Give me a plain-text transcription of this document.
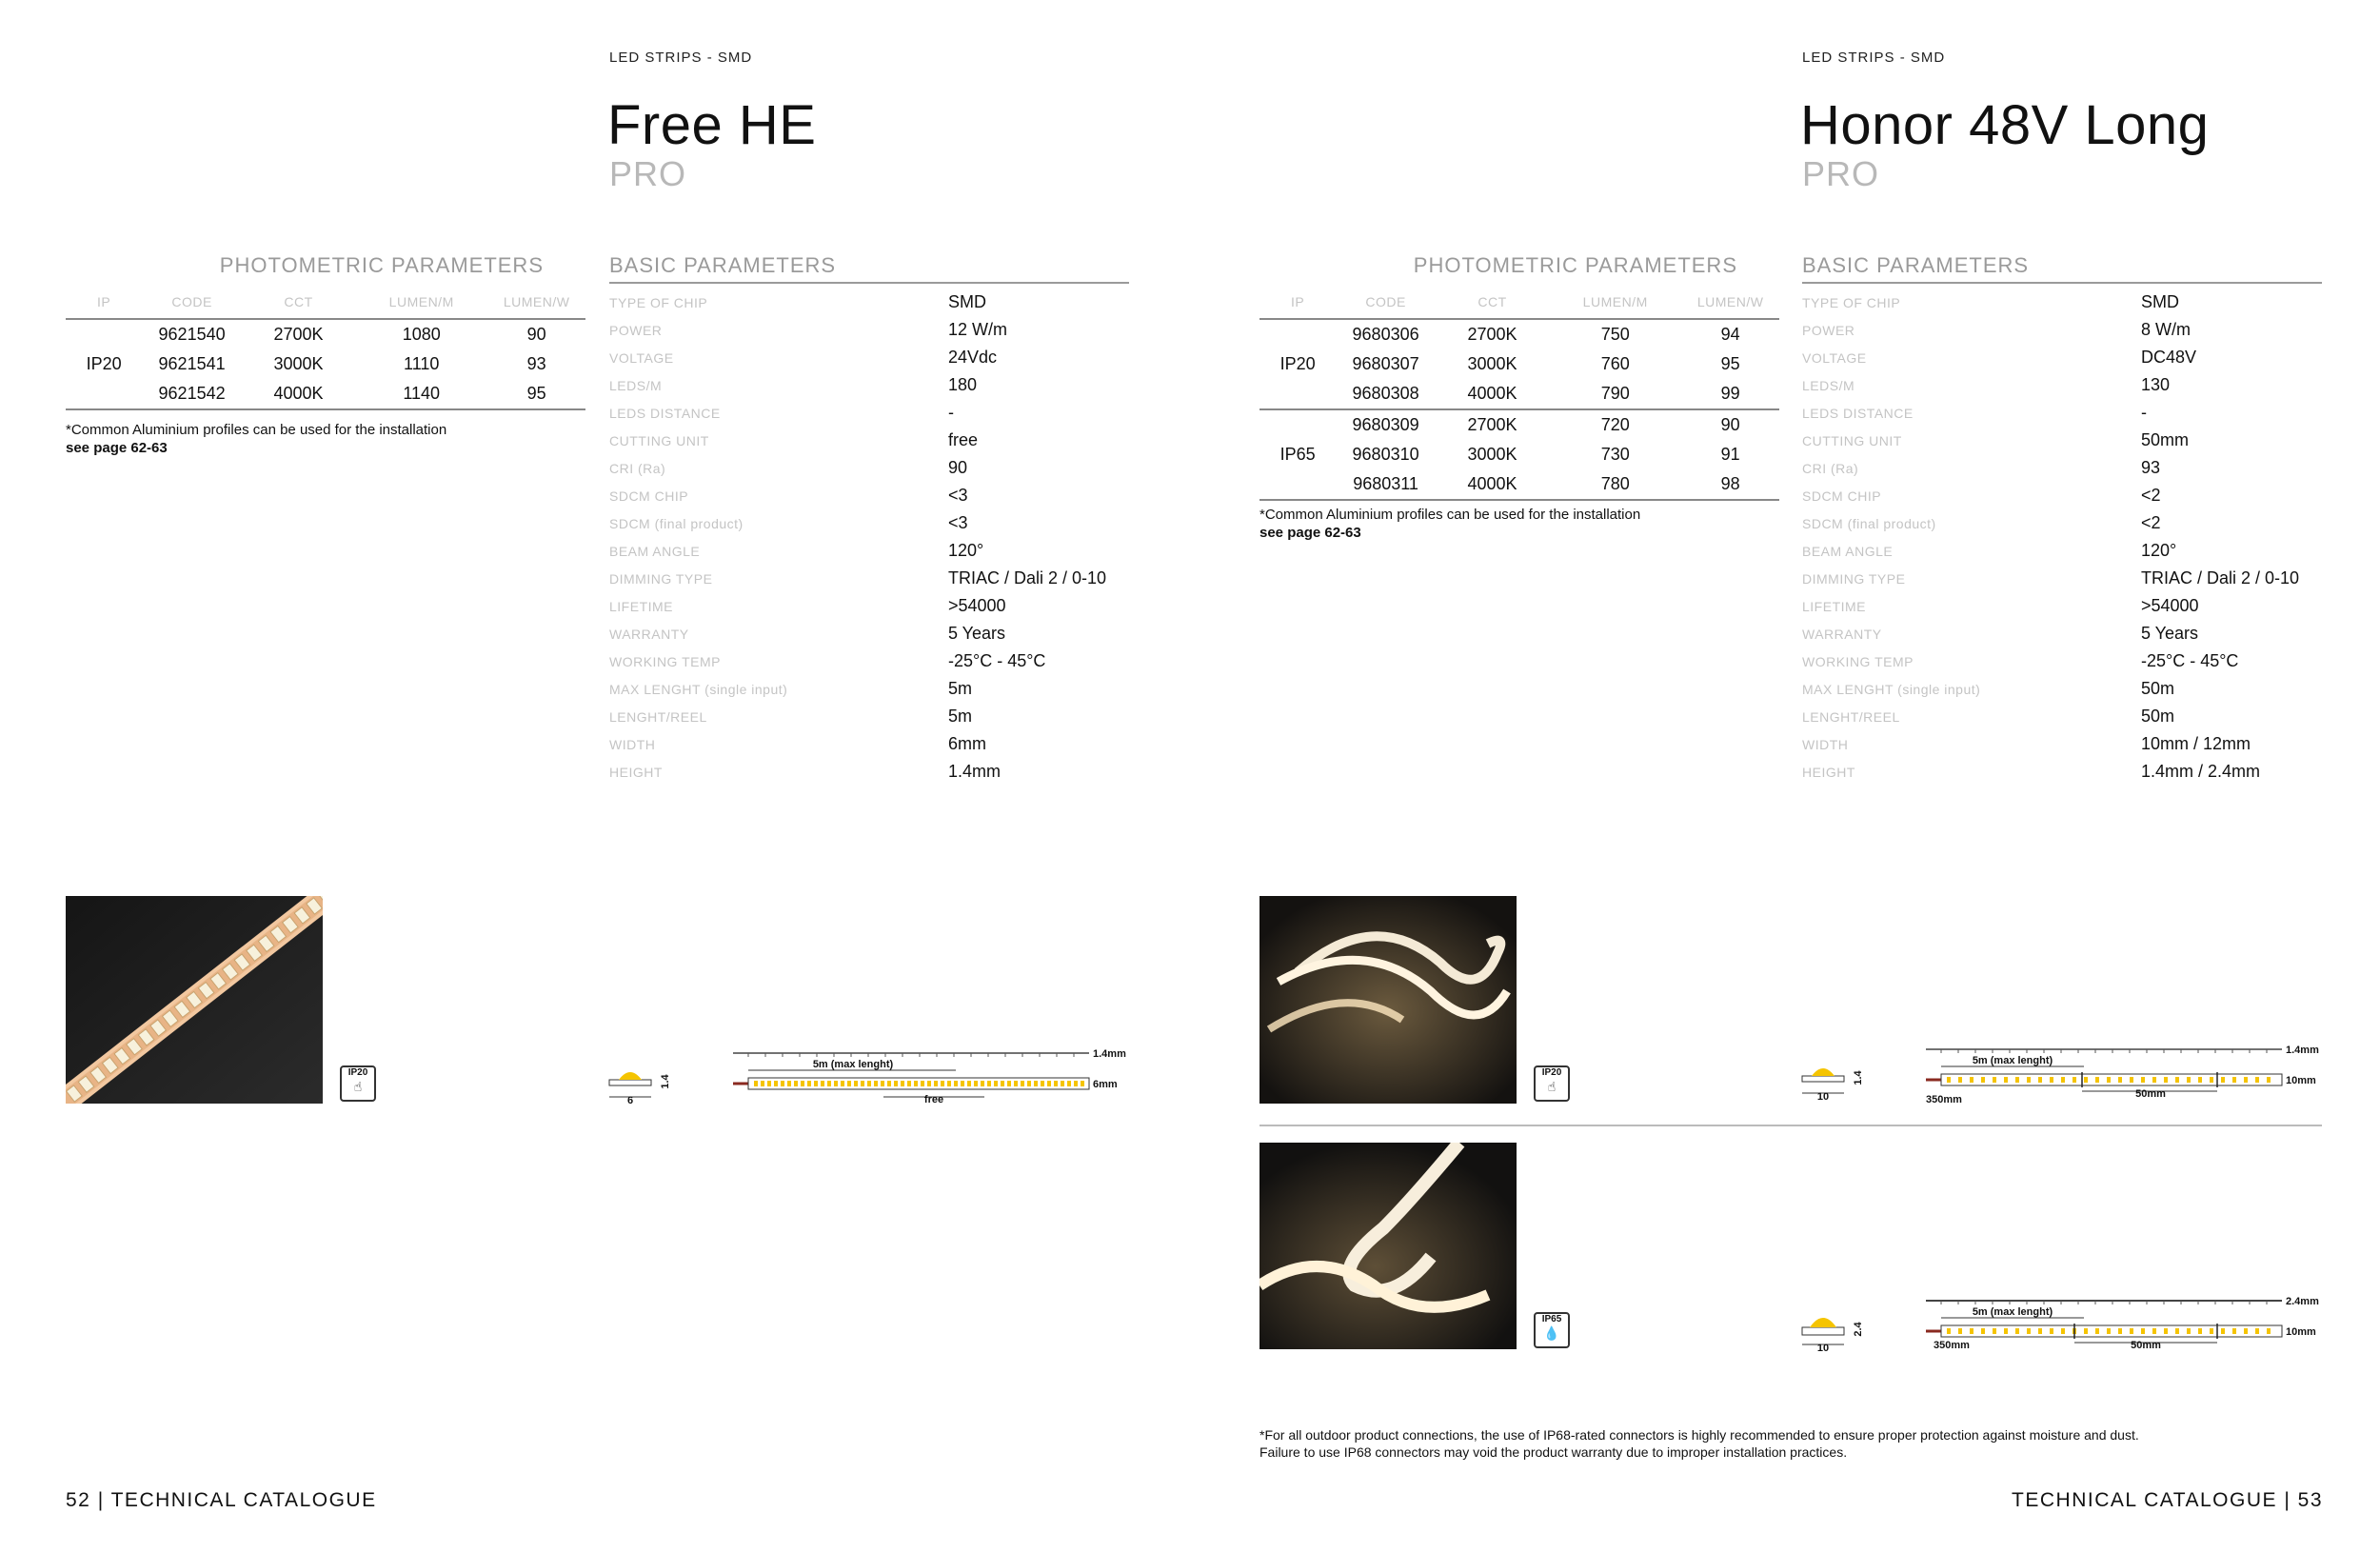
LED STRIPS - SMD
Free HE
PRO
PHOTOMETRIC PARAMETERS
IP	CODE	CCT	LUMEN/M	LUMEN/W
	9621540	2700K	1080	90
IP20	9621541	3000K	1110	93
	9621542	4000K	1140	95
*Common Aluminium profiles can be used for the installation
see page 62-63
BASIC PARAMETERS
TYPE OF CHIP	SMD
POWER	12 W/m
VOLTAGE	24Vdc
LEDS/M	180
LEDS DISTANCE	-
CUTTING UNIT	free
CRI (Ra)	90
SDCM CHIP	<3
SDCM (final product)	<3
BEAM ANGLE	120°
DIMMING TYPE	TRIAC / Dali 2 / 0-10
LIFETIME	>54000
WARRANTY	5 Years
WORKING TEMP	-25°C - 45°C
MAX LENGHT (single input)	5m
LENGHT/REEL	5m
WIDTH	6mm
HEIGHT	1.4mm
IP20
☝
6
1.4
1.4mm
6mm
5m (max lenght)
free
52 | TECHNICAL CATALOGUE
LED STRIPS - SMD
Honor 48V Long
PRO
PHOTOMETRIC PARAMETERS
IP	CODE	CCT	LUMEN/M	LUMEN/W
	9680306	2700K	750	94
IP20	9680307	3000K	760	95
	9680308	4000K	790	99
	9680309	2700K	720	90
IP65	9680310	3000K	730	91
	9680311	4000K	780	98
*Common Aluminium profiles can be used for the installation
see page 62-63
BASIC PARAMETERS
TYPE OF CHIP	SMD
POWER	8 W/m
VOLTAGE	DC48V
LEDS/M	130
LEDS DISTANCE	-
CUTTING UNIT	50mm
CRI (Ra)	93
SDCM CHIP	<2
SDCM (final product)	<2
BEAM ANGLE	120°
DIMMING TYPE	TRIAC / Dali 2 / 0-10
LIFETIME	>54000
WARRANTY	5 Years
WORKING TEMP	-25°C - 45°C
MAX LENGHT (single input)	50m
LENGHT/REEL	50m
WIDTH	10mm / 12mm
HEIGHT	1.4mm / 2.4mm
IP20
☝
10
1.4
1.4mm
10mm
5m (max lenght)
50mm
350mm
IP65
💧
10
2.4
2.4mm
10mm
5m (max lenght)
50mm
350mm
*For all outdoor product connections, the use of IP68-rated connectors is highly recommended to ensure proper protection against moisture and dust.
Failure to use IP68 connectors may void the product warranty due to improper installation practices.
TECHNICAL CATALOGUE | 53
